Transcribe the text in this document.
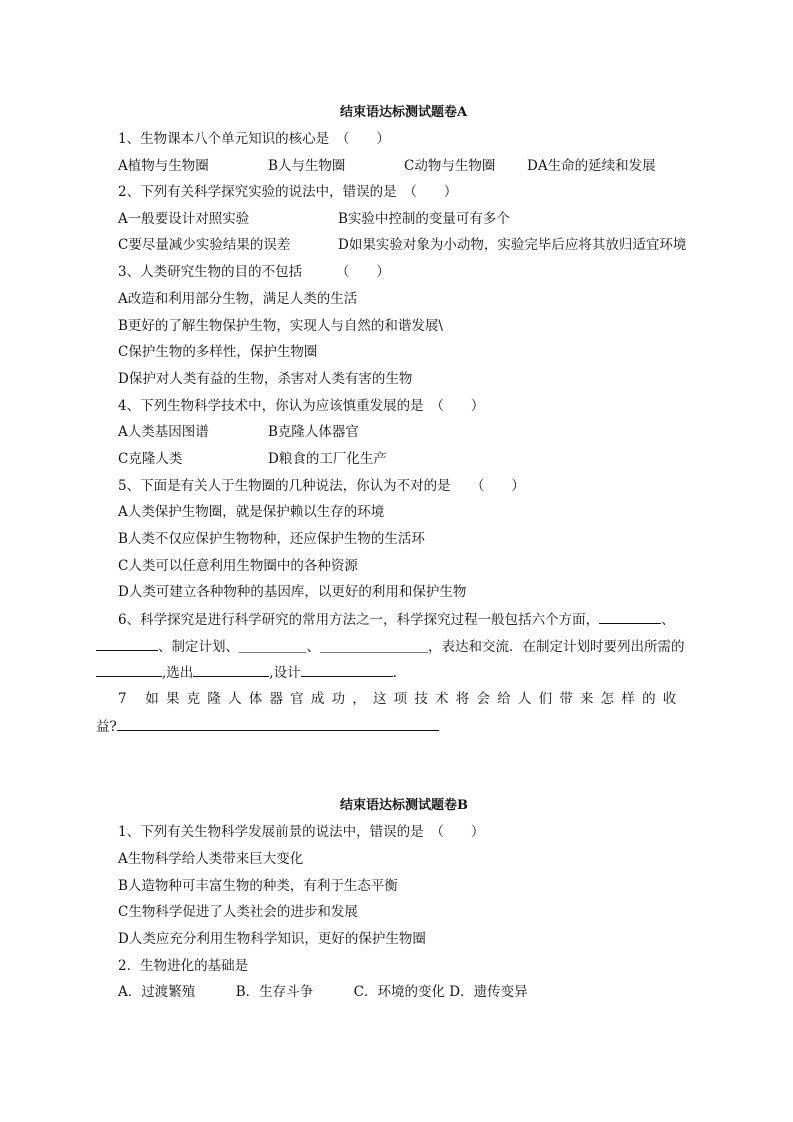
结束语达标测试题卷A
1、生物课本八个单元知识的核心是　（　　）
A植物与生物圈	B人与生物圈	C动物与生物圈 DA生命的延续和发展
2、下列有关科学探究实验的说法中，错误的是　（　　）
A一般要设计对照实验	B实验中控制的变量可有多个
C要尽量减少实验结果的误差	D如果实验对象为小动物，实验完毕后应将其放归适宜环境
3、人类研究生物的目的不包括　　　（　　）
A改造和利用部分生物，满足人类的生活
B更好的了解生物保护生物，实现人与自然的和谐发展\
C保护生物的多样性，保护生物圈
D保护对人类有益的生物，杀害对人类有害的生物
4、下列生物科学技术中，你认为应该慎重发展的是　（　　）
A人类基因图谱	B克隆人体器官
C克隆人类	D粮食的工厂化生产
5、下面是有关人于生物圈的几种说法，你认为不对的是　　（　　）
A人类保护生物圈，就是保护赖以生存的环境
B人类不仅应保护生物物种，还应保护生物的生活环
C人类可以任意利用生物圈中的各种资源
D人类可建立各种物种的基因库，以更好的利用和保护生物
6、科学探究是进行科学研究的常用方法之一，科学探究过程一般包括六个方面，	、
、制定计划、＿＿＿＿＿、＿＿＿＿＿＿＿＿，表达和交流．在制定计划时要列出所需的
,选出	,设计	.
7 如果克隆人体器官成功，这项技术将会给人们带来怎样的收
益?
结束语达标测试题卷B
1、下列有关生物科学发展前景的说法中，错误的是　（　　）
A生物科学给人类带来巨大变化
B人造物种可丰富生物的种类，有利于生态平衡
C生物科学促进了人类社会的进步和发展
D人类应充分利用生物科学知识，更好的保护生物圈
2．生物进化的基础是
A．过渡繁殖　　　B．生存斗争　　　C．环境的变化 D．遗传变异
